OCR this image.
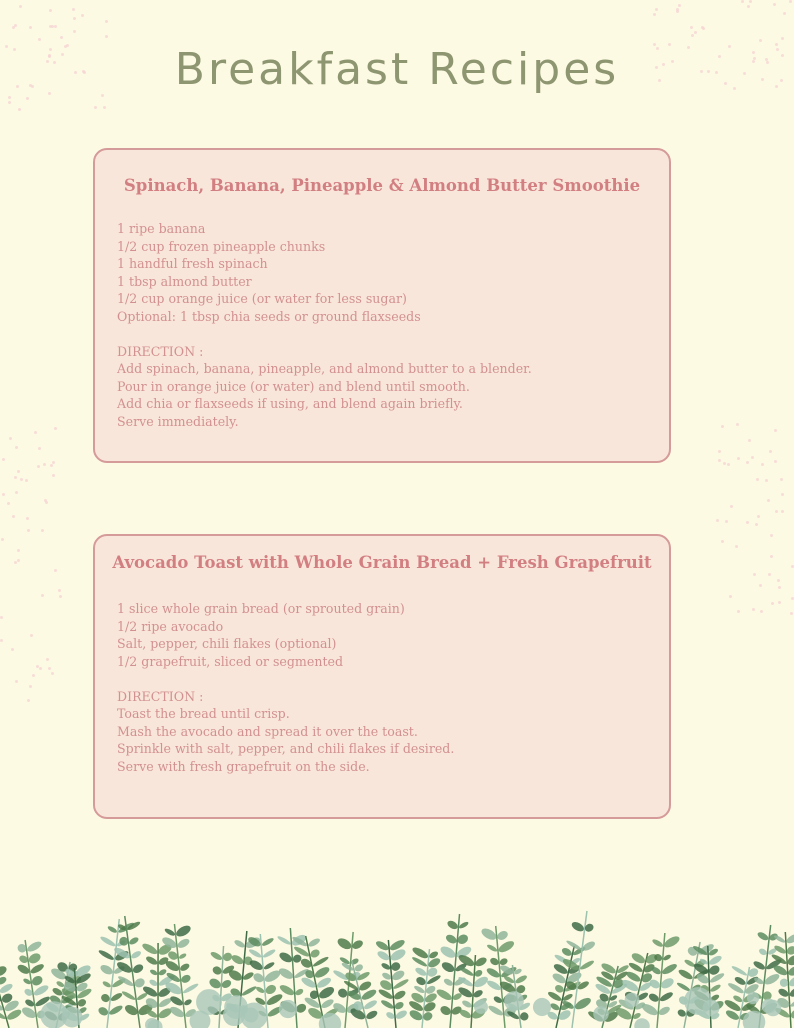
Breakfast Recipes
Spinach, Banana, Pineapple & Almond Butter Smoothie
1 ripe banana
1/2 cup frozen pineapple chunks
1 handful fresh spinach
1 tbsp almond butter
1/2 cup orange juice (or water for less sugar)
Optional: 1 tbsp chia seeds or ground flaxseeds
DIRECTION :
Add spinach, banana, pineapple, and almond butter to a blender.
Pour in orange juice (or water) and blend until smooth.
Add chia or flaxseeds if using, and blend again briefly.
Serve immediately.
Avocado Toast with Whole Grain Bread + Fresh Grapefruit
1 slice whole grain bread (or sprouted grain)
1/2 ripe avocado
Salt, pepper, chili flakes (optional)
1/2 grapefruit, sliced or segmented
DIRECTION :
Toast the bread until crisp.
Mash the avocado and spread it over the toast.
Sprinkle with salt, pepper, and chili flakes if desired.
Serve with fresh grapefruit on the side.
